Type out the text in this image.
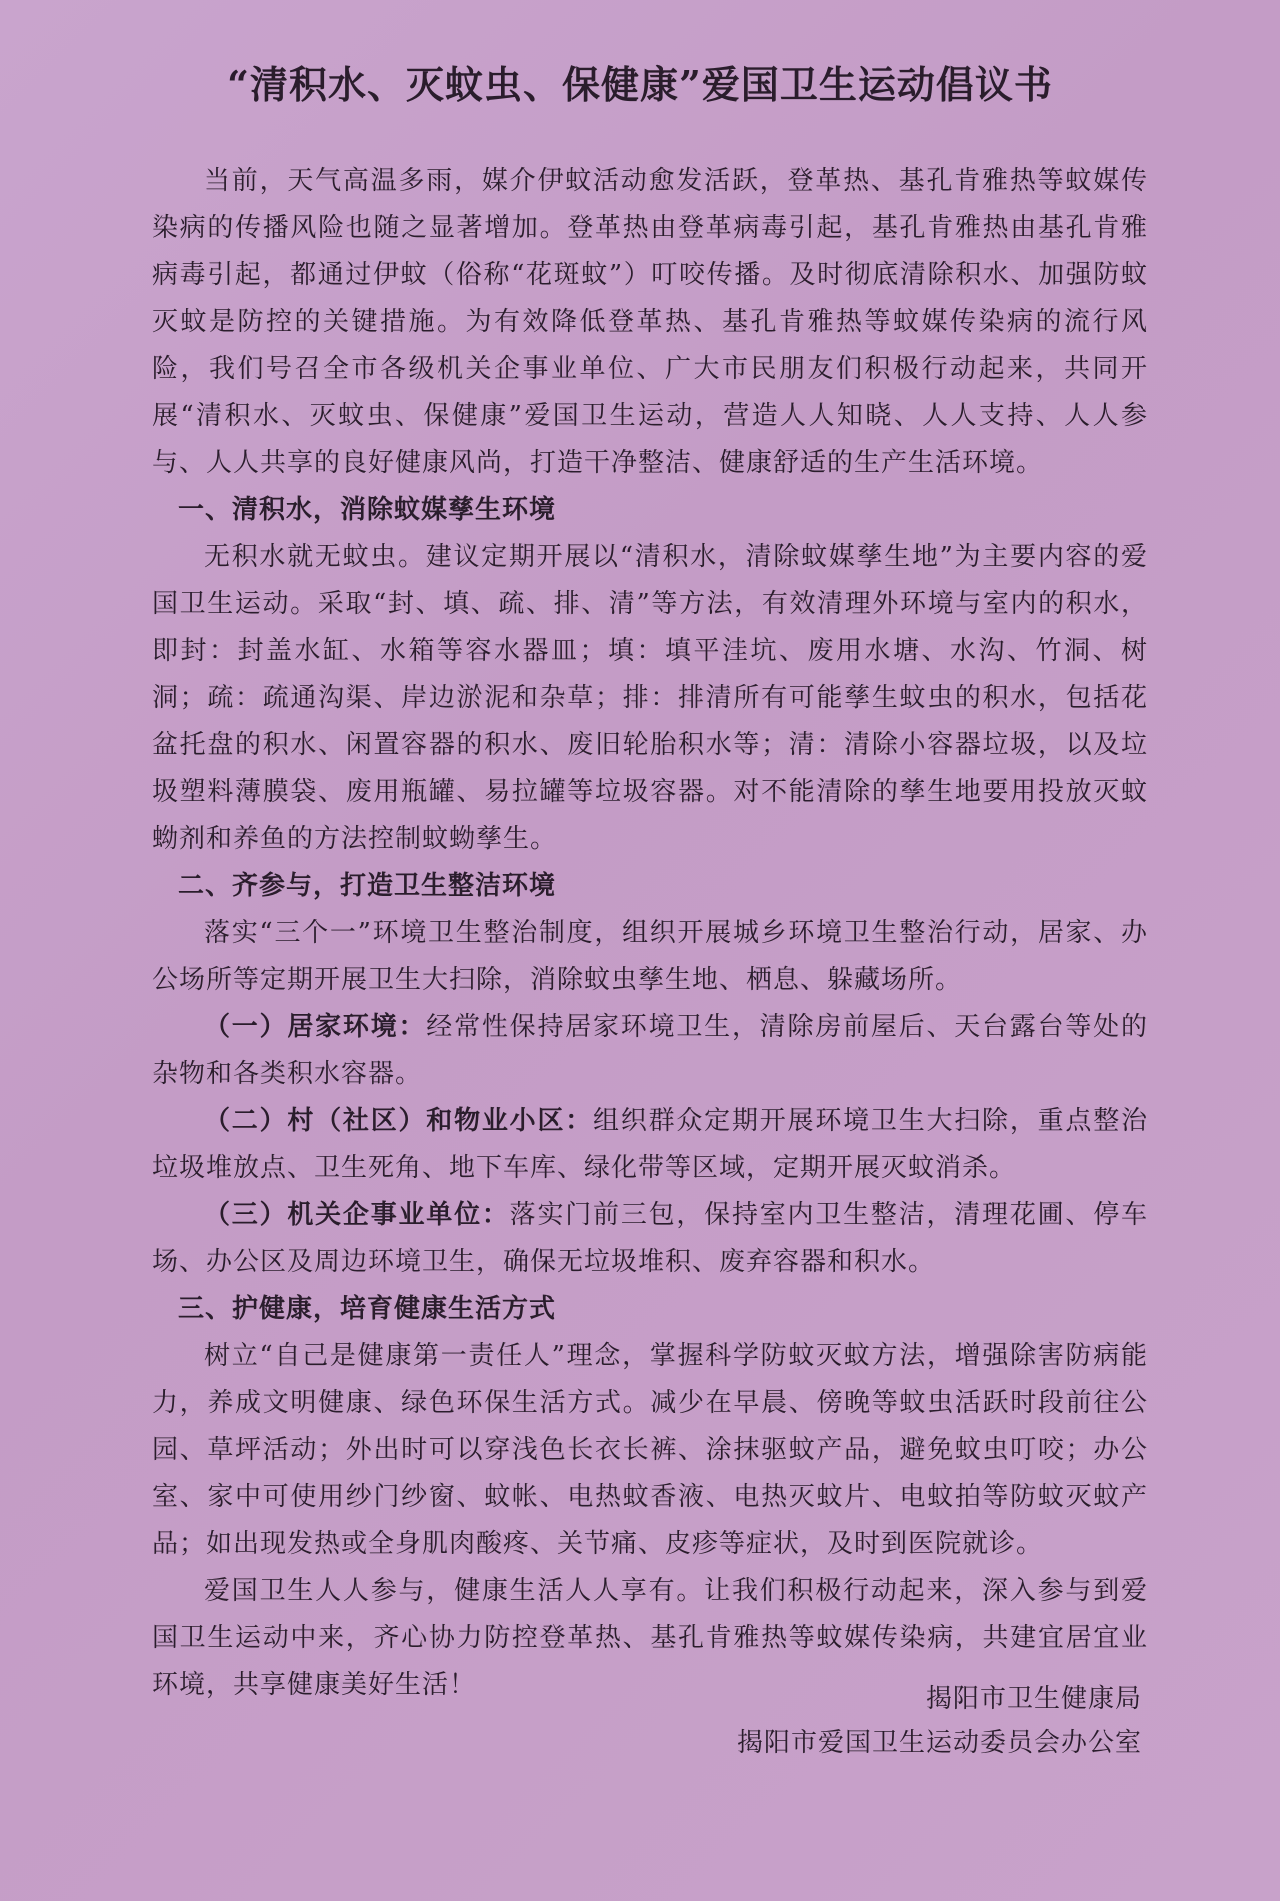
“清积水、灭蚊虫、保健康”爱国卫生运动倡议书

当前，天气高温多雨，媒介伊蚊活动愈发活跃，登革热、基孔肯雅热等蚊媒传染病的传播风险也随之显著增加。登革热由登革病毒引起，基孔肯雅热由基孔肯雅病毒引起，都通过伊蚊（俗称“花斑蚊”）叮咬传播。及时彻底清除积水、加强防蚊灭蚊是防控的关键措施。为有效降低登革热、基孔肯雅热等蚊媒传染病的流行风险，我们号召全市各级机关企事业单位、广大市民朋友们积极行动起来，共同开展“清积水、灭蚊虫、保健康”爱国卫生运动，营造人人知晓、人人支持、人人参与、人人共享的良好健康风尚，打造干净整洁、健康舒适的生产生活环境。

一、清积水，消除蚊媒孳生环境

无积水就无蚊虫。建议定期开展以“清积水，清除蚊媒孳生地”为主要内容的爱国卫生运动。采取“封、填、疏、排、清”等方法，有效清理外环境与室内的积水，即封：封盖水缸、水箱等容水器皿；填：填平洼坑、废用水塘、水沟、竹洞、树洞；疏：疏通沟渠、岸边淤泥和杂草；排：排清所有可能孳生蚊虫的积水，包括花盆托盘的积水、闲置容器的积水、废旧轮胎积水等；清：清除小容器垃圾，以及垃圾塑料薄膜袋、废用瓶罐、易拉罐等垃圾容器。对不能清除的孳生地要用投放灭蚊蚴剂和养鱼的方法控制蚊蚴孳生。

二、齐参与，打造卫生整洁环境

落实“三个一”环境卫生整治制度，组织开展城乡环境卫生整治行动，居家、办公场所等定期开展卫生大扫除，消除蚊虫孳生地、栖息、躲藏场所。

（一）居家环境：经常性保持居家环境卫生，清除房前屋后、天台露台等处的杂物和各类积水容器。

（二）村（社区）和物业小区：组织群众定期开展环境卫生大扫除，重点整治垃圾堆放点、卫生死角、地下车库、绿化带等区域，定期开展灭蚊消杀。

（三）机关企事业单位：落实门前三包，保持室内卫生整洁，清理花圃、停车场、办公区及周边环境卫生，确保无垃圾堆积、废弃容器和积水。

三、护健康，培育健康生活方式

树立“自己是健康第一责任人”理念，掌握科学防蚊灭蚊方法，增强除害防病能力，养成文明健康、绿色环保生活方式。减少在早晨、傍晚等蚊虫活跃时段前往公园、草坪活动；外出时可以穿浅色长衣长裤、涂抹驱蚊产品，避免蚊虫叮咬；办公室、家中可使用纱门纱窗、蚊帐、电热蚊香液、电热灭蚊片、电蚊拍等防蚊灭蚊产品；如出现发热或全身肌肉酸疼、关节痛、皮疹等症状，及时到医院就诊。

爱国卫生人人参与，健康生活人人享有。让我们积极行动起来，深入参与到爱国卫生运动中来，齐心协力防控登革热、基孔肯雅热等蚊媒传染病，共建宜居宜业环境，共享健康美好生活！	揭阳市卫生健康局
揭阳市爱国卫生运动委员会办公室
